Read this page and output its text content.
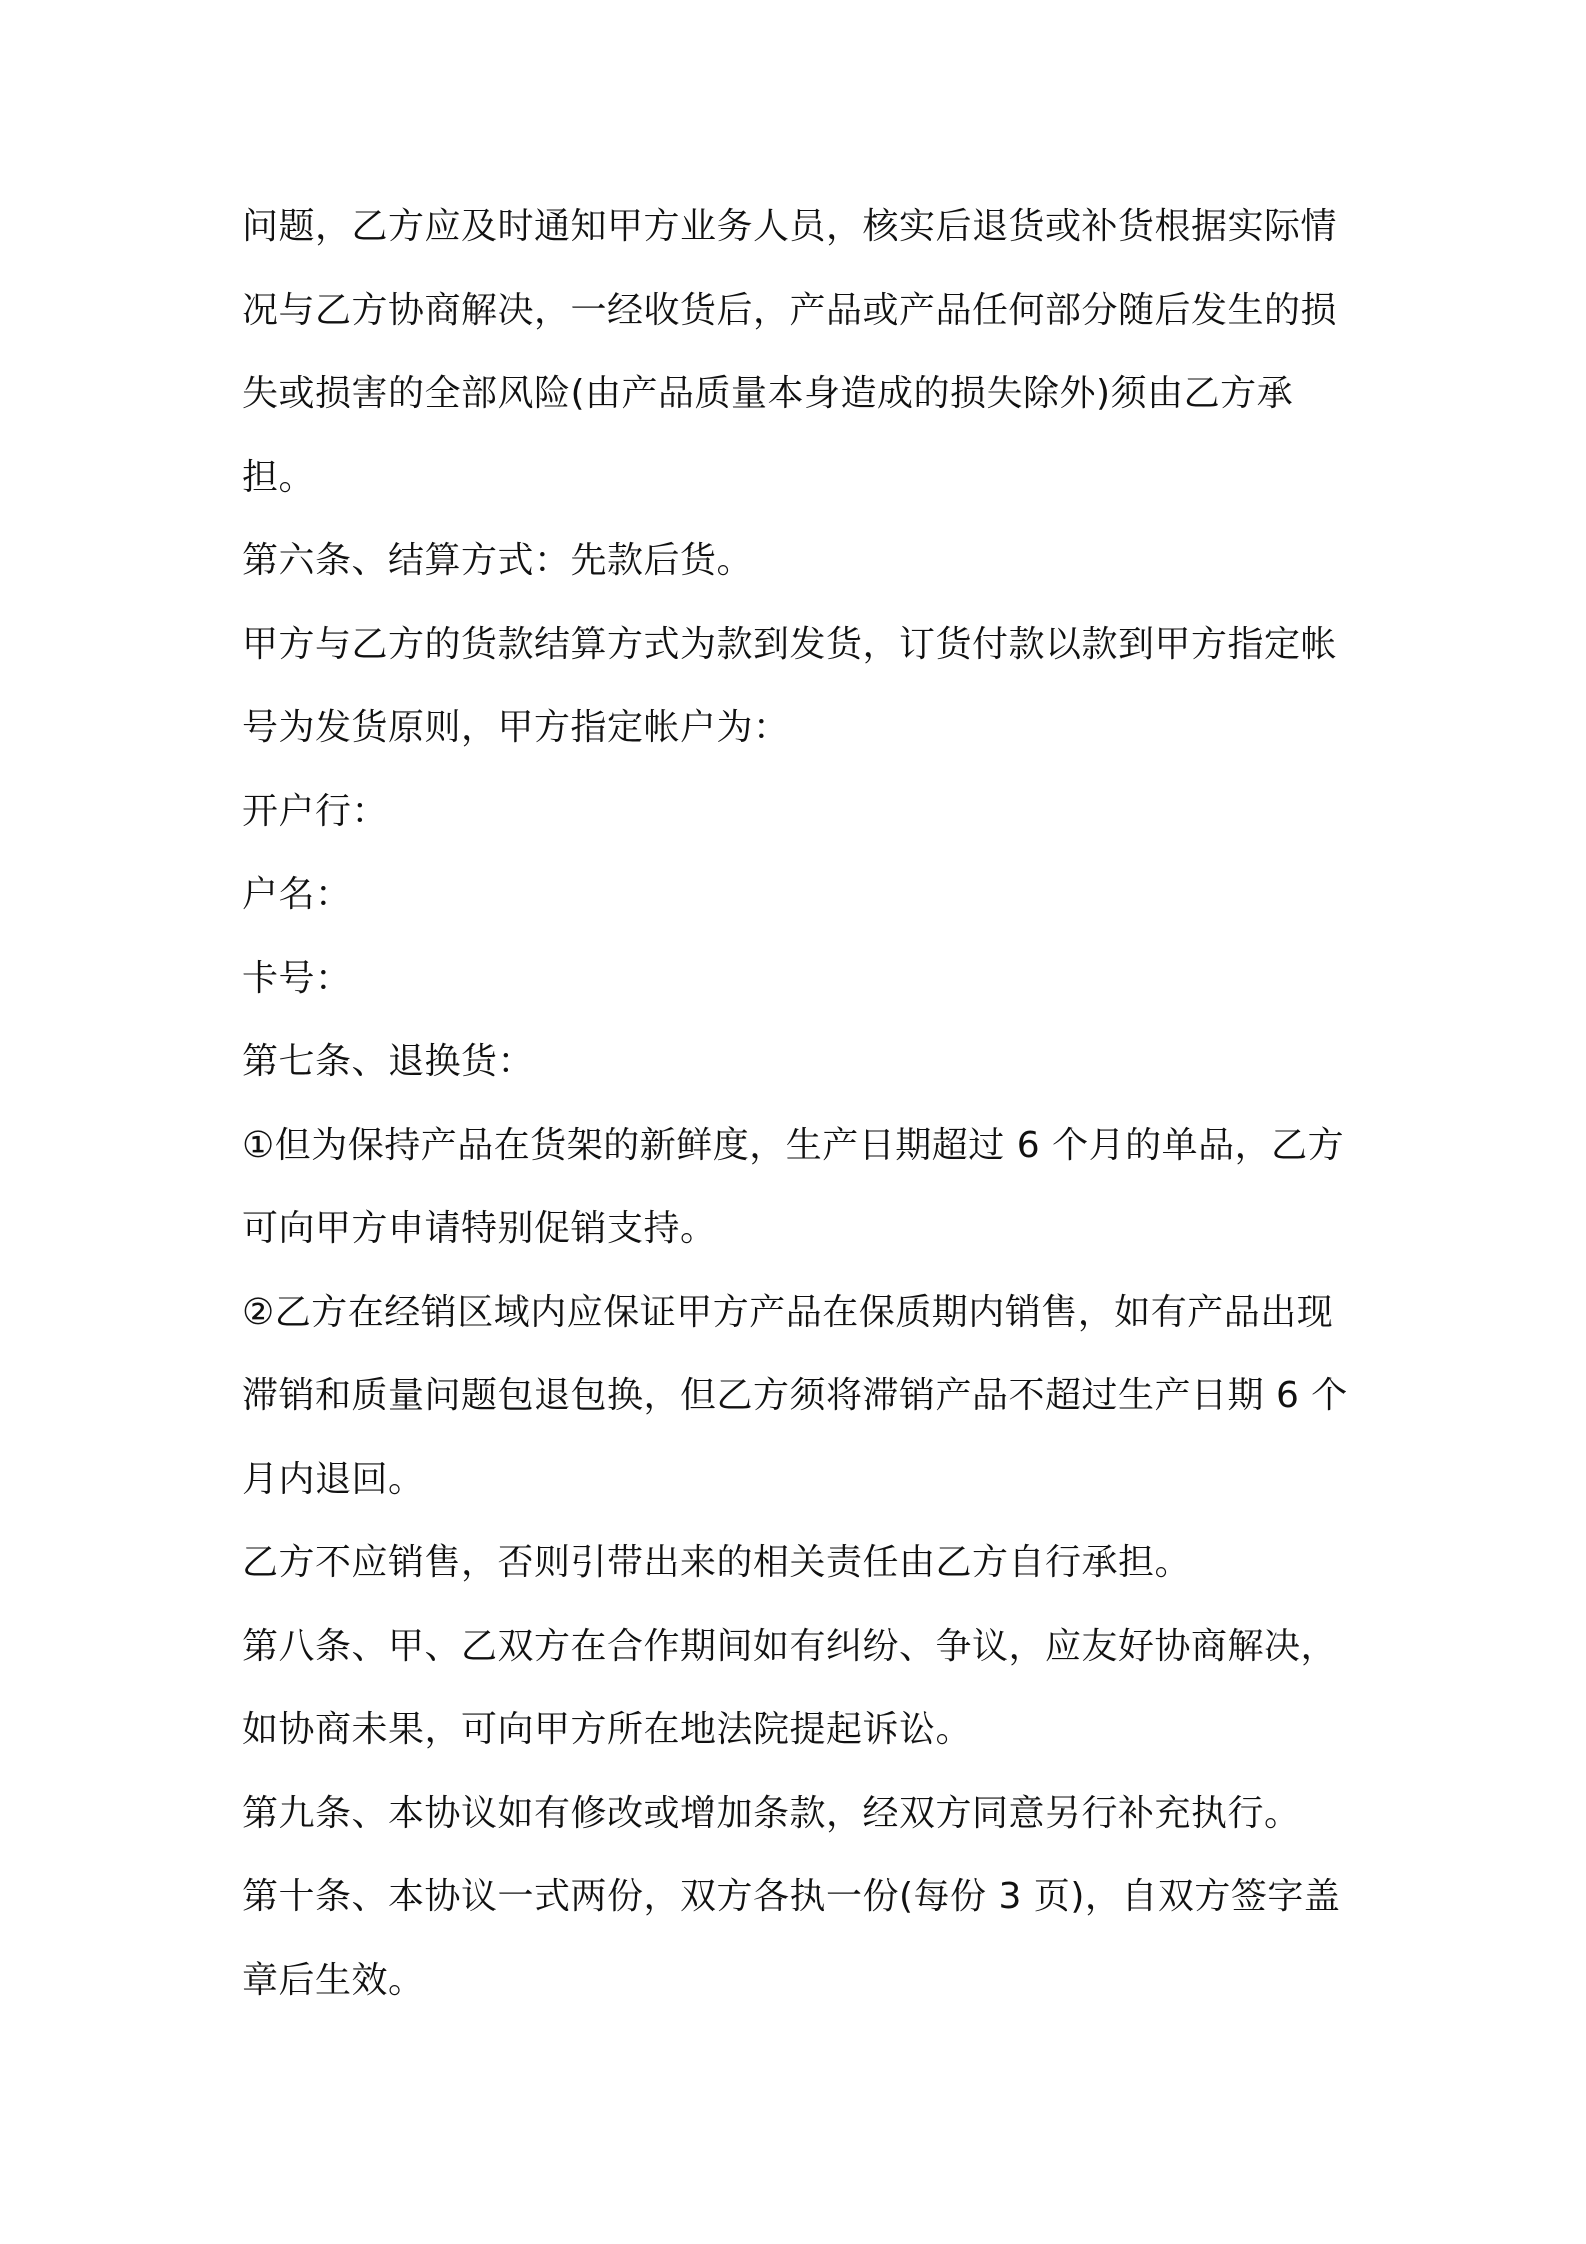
问题，乙方应及时通知甲方业务人员，核实后退货或补货根据实际情况与乙方协商解决，一经收货后，产品或产品任何部分随后发生的损失或损害的全部风险(由产品质量本身造成的损失除外)须由乙方承担。

第六条、结算方式：先款后货。

甲方与乙方的货款结算方式为款到发货，订货付款以款到甲方指定帐号为发货原则，甲方指定帐户为：

开户行：

户名：

卡号：

第七条、退换货：

①但为保持产品在货架的新鲜度，生产日期超过 6 个月的单品，乙方可向甲方申请特别促销支持。

②乙方在经销区域内应保证甲方产品在保质期内销售，如有产品出现滞销和质量问题包退包换，但乙方须将滞销产品不超过生产日期 6 个月内退回。

乙方不应销售，否则引带出来的相关责任由乙方自行承担。

第八条、甲、乙双方在合作期间如有纠纷、争议，应友好协商解决，如协商未果，可向甲方所在地法院提起诉讼。

第九条、本协议如有修改或增加条款，经双方同意另行补充执行。

第十条、本协议一式两份，双方各执一份(每份 3 页)，自双方签字盖章后生效。
